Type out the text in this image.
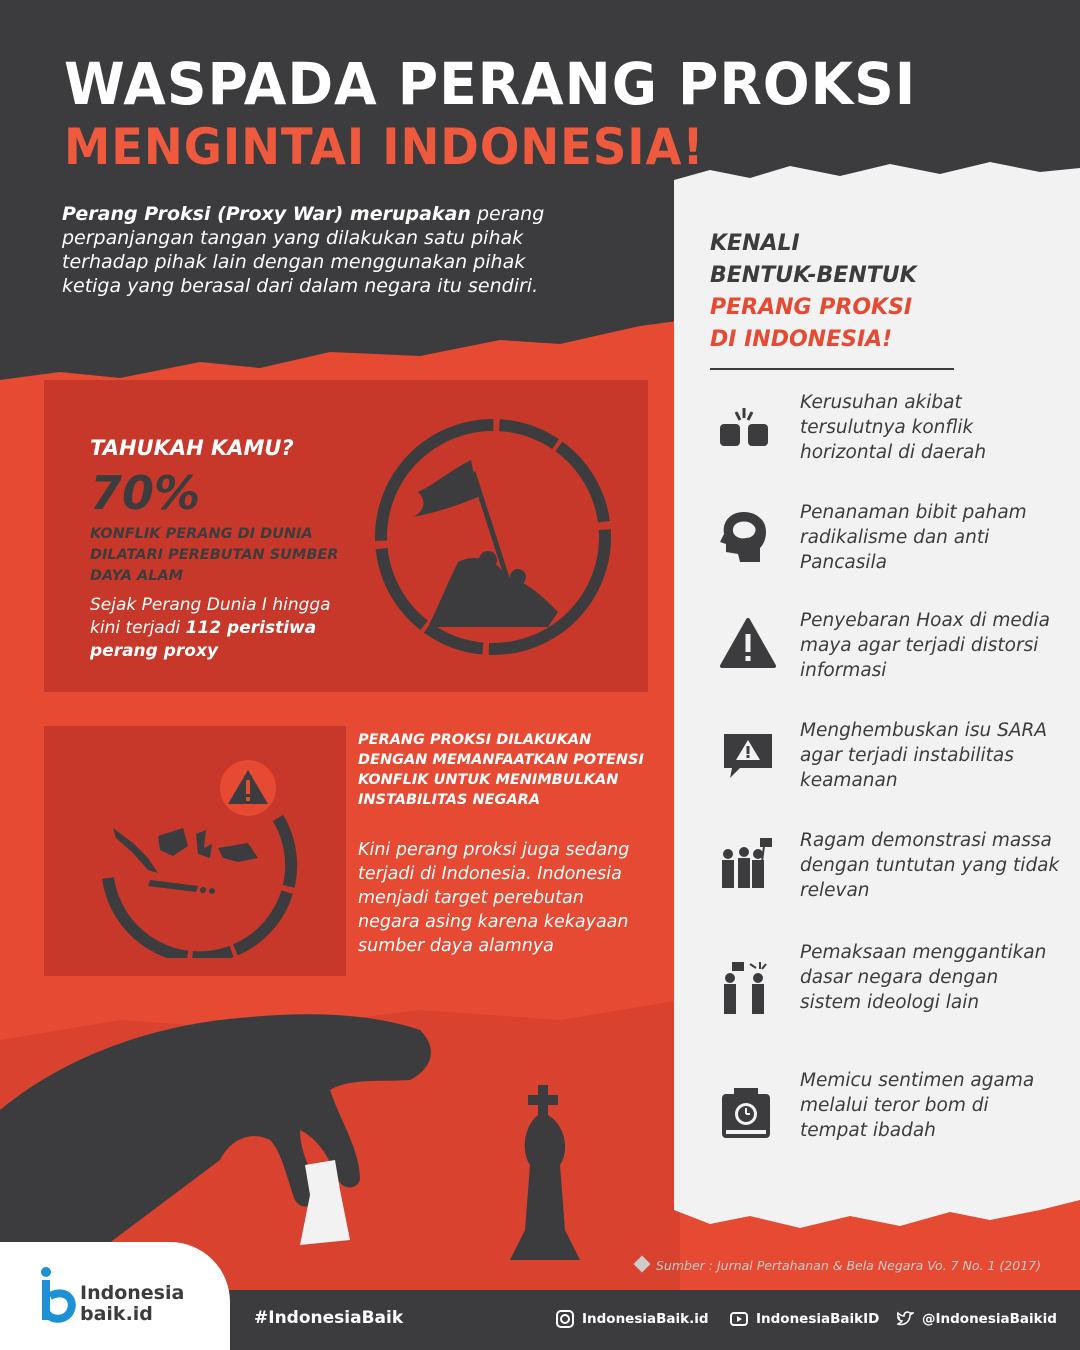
WASPADA PERANG PROKSI
MENGINTAI INDONESIA!
Perang Proksi (Proxy War) merupakan perang perpanjangan tangan yang dilakukan satu pihak terhadap pihak lain dengan menggunakan pihak ketiga yang berasal dari dalam negara itu sendiri.
TAHUKAH KAMU?
70%
KONFLIK PERANG DI DUNIA DILATARI PEREBUTAN SUMBER DAYA ALAM
Sejak Perang Dunia I hingga kini terjadi 112 peristiwa perang proxy
PERANG PROKSI DILAKUKAN DENGAN MEMANFAATKAN POTENSI KONFLIK UNTUK MENIMBULKAN INSTABILITAS NEGARA
Kini perang proksi juga sedang terjadi di Indonesia. Indonesia menjadi target perebutan negara asing karena kekayaan sumber daya alamnya
KENALI
BENTUK-BENTUK
PERANG PROKSI
DI INDONESIA!
Kerusuhan akibat tersulutnya konflik horizontal di daerah
Penanaman bibit paham radikalisme dan anti Pancasila
Penyebaran Hoax di media maya agar terjadi distorsi informasi
Menghembuskan isu SARA agar terjadi instabilitas keamanan
Ragam demonstrasi massa dengan tuntutan yang tidak relevan
Pemaksaan menggantikan dasar negara dengan sistem ideologi lain
Memicu sentimen agama melalui teror bom di tempat ibadah
Sumber : Jurnal Pertahanan & Bela Negara Vo. 7 No. 1 (2017)
Indonesia
baik.id	#IndonesiaBaik	IndonesiaBaik.id	IndonesiaBaikID	@IndonesiaBaikid
